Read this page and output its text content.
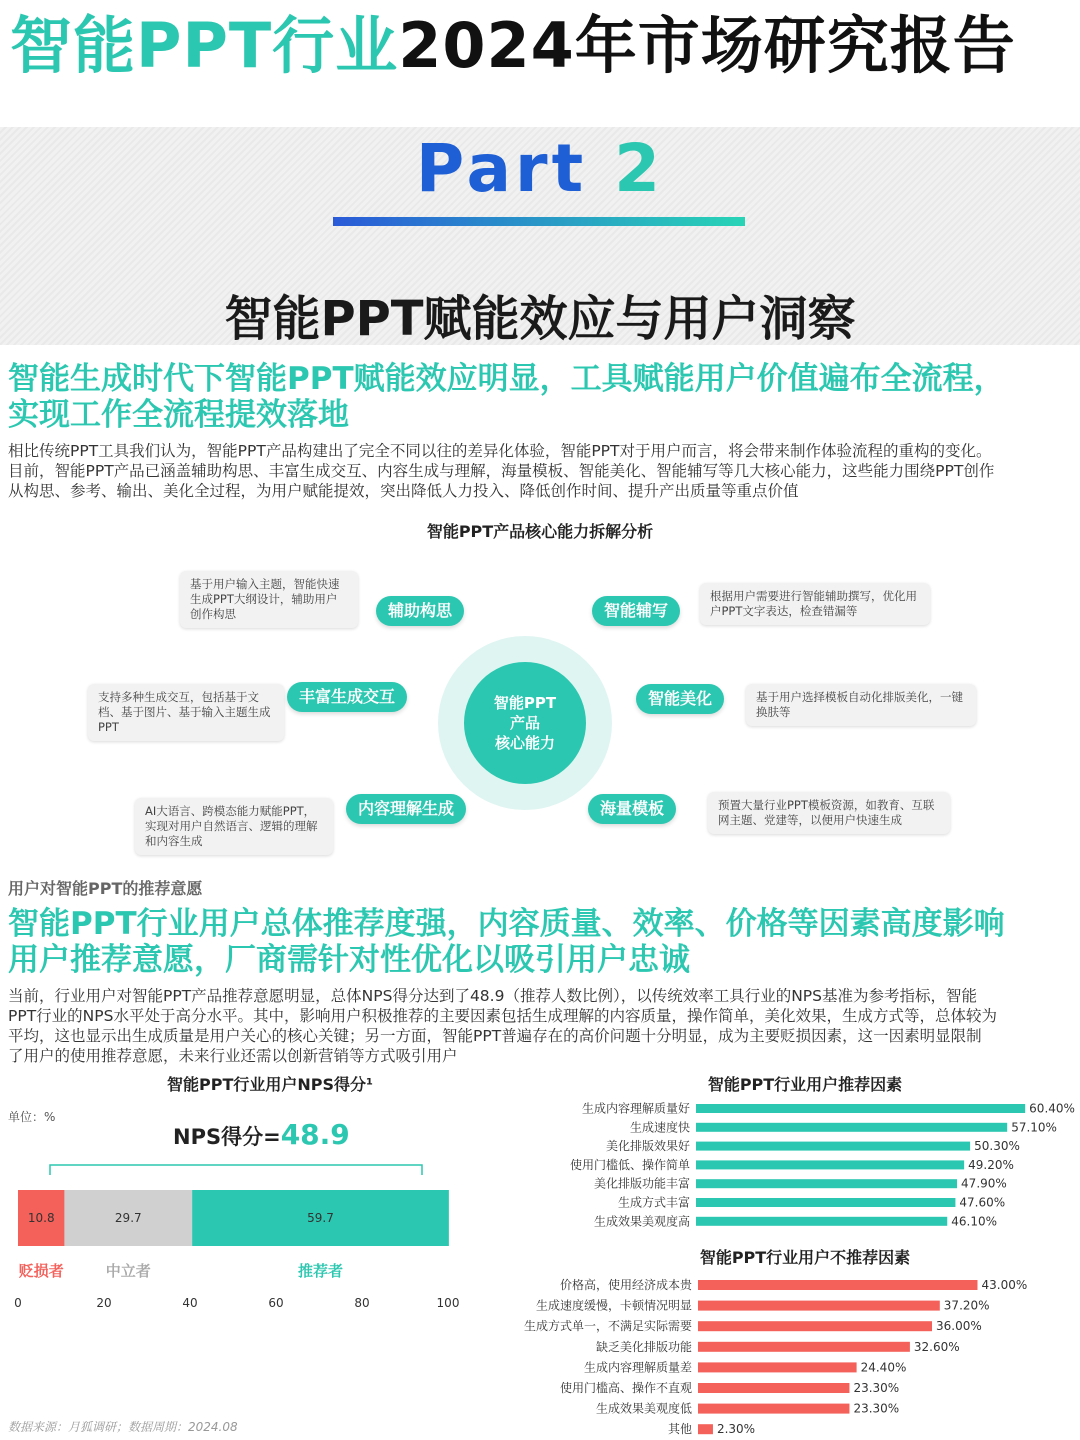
智能PPT行业2024年市场研究报告
Part 2
智能PPT赋能效应与用户洞察
智能生成时代下智能PPT赋能效应明显，工具赋能用户价值遍布全流程，
实现工作全流程提效落地
相比传统PPT工具我们认为，智能PPT产品构建出了完全不同以往的差异化体验，智能PPT对于用户而言，将会带来制作体验流程的重构的变化。
目前，智能PPT产品已涵盖辅助构思、丰富生成交互、内容生成与理解，海量模板、智能美化、智能辅写等几大核心能力，这些能力围绕PPT创作
从构思、参考、输出、美化全过程，为用户赋能提效，突出降低人力投入、降低创作时间、提升产出质量等重点价值
智能PPT产品核心能力拆解分析
智能PPT
产品
核心能力
基于用户输入主题，智能快速生成PPT大纲设计，辅助用户创作构思	辅助构思	智能辅写
根据用户需要进行智能辅助撰写，优化用户PPT文字表达，检查错漏等
支持多种生成交互，包括基于文档、基于图片、基于输入主题生成PPT
丰富生成交互	智能美化	基于用户选择模板自动化排版美化，一键换肤等
AI大语言、跨模态能力赋能PPT，实现对用户自然语言、逻辑的理解和内容生成
内容理解生成	海量模板	预置大量行业PPT模板资源，如教育、互联网主题、党建等，以便用户快速生成
用户对智能PPT的推荐意愿
智能PPT行业用户总体推荐度强，内容质量、效率、价格等因素高度影响
用户推荐意愿，厂商需针对性优化以吸引用户忠诚
当前，行业用户对智能PPT产品推荐意愿明显，总体NPS得分达到了48.9（推荐人数比例），以传统效率工具行业的NPS基准为参考指标，智能
PPT行业的NPS水平处于高分水平。其中，影响用户积极推荐的主要因素包括生成理解的内容质量，操作简单，美化效果，生成方式等，总体较为
平均，这也显示出生成质量是用户关心的核心关键；另一方面，智能PPT普遍存在的高价问题十分明显，成为主要贬损因素，这一因素明显限制
了用户的使用推荐意愿，未来行业还需以创新营销等方式吸引用户
智能PPT行业用户NPS得分¹
单位：%
NPS得分=48.9
10.8
贬损者
29.7
中立者
59.7
推荐者
0	20	40	60	80	100
智能PPT行业用户推荐因素
生成内容理解质量好	60.40%
生成速度快	57.10%
美化排版效果好	50.30%
使用门槛低、操作简单	49.20%
美化排版功能丰富	47.90%
生成方式丰富	47.60%
生成效果美观度高	46.10%
智能PPT行业用户不推荐因素
价格高，使用经济成本贵	43.00%
生成速度缓慢，卡顿情况明显	37.20%
生成方式单一，不满足实际需要	36.00%
缺乏美化排版功能	32.60%
生成内容理解质量差	24.40%
使用门槛高、操作不直观	23.30%
生成效果美观度低	23.30%
其他 2.30%
数据来源：月狐调研；数据周期：2024.08
